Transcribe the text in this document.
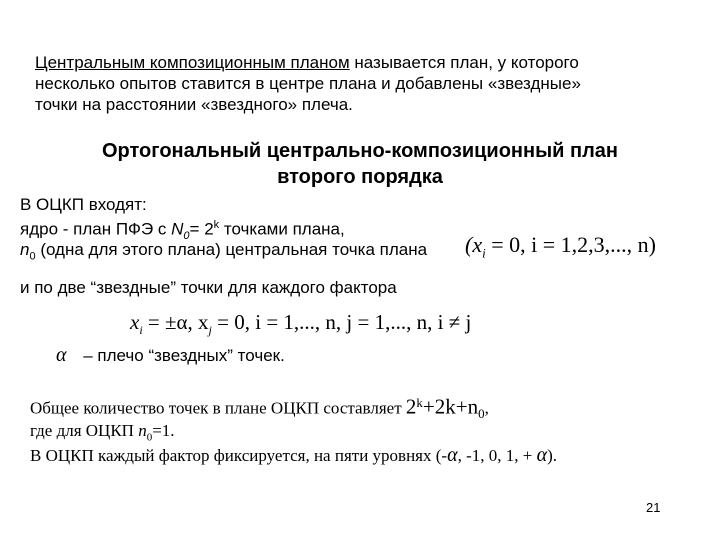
Центральным композиционным планом называется план, у которого
несколько опытов ставится в центре плана и добавлены «звездные»
точки на расстоянии «звездного» плеча.
Ортогональный центрально-композиционный план
второго порядка
В ОЦКП входят:
ядро - план ПФЭ с $N_0= 2^k$ точками плана,
$n_0$ (одна для этого плана) центральная точка плана ($x_i = 0$, i = 1,2,3,..., n)
и по две “звездные” точки для каждого фактора
$x_i = \pm\alpha$, $x_j = 0$, i = 1,..., n, j = 1,..., n, i ≠ j
α – плечо “звездных” точек.
Общее количество точек в плане ОЦКП составляет $2^k+2k+n_0$,
где для ОЦКП $n_0=1$.
В ОЦКП каждый фактор фиксируется, на пяти уровнях (-α, -1, 0, 1, + α).
21
